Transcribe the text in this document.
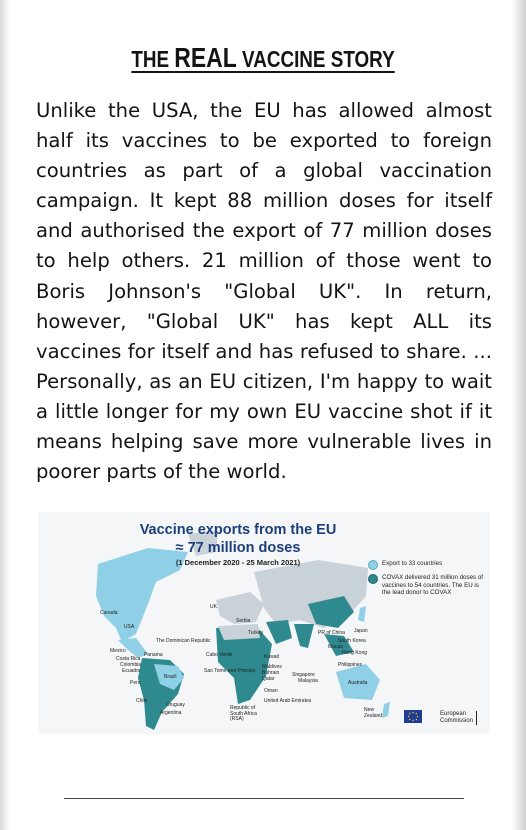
THE REAL VACCINE STORY
Unlike the USA, the EU has allowed almost half its vaccines to be exported to foreign countries as part of a global vaccination campaign. It kept 88 million doses for itself and authorised the export of 77 million doses to help others. 21 million of those went to Boris Johnson's "Global UK". In return, however, "Global UK" has kept ALL its vaccines for itself and has refused to share. ... Personally, as an EU citizen, I'm happy to wait a little longer for my own EU vaccine shot if it means helping save more vulnerable lives in poorer parts of the world.
Vaccine exports from the EU
≈ 77 million doses
(1 December 2020 - 25 March 2021)	Export to 33 countries
COVAX delivered 31 million doses of vaccines to 54 countries. The EU is the lead donor to COVAX
Canada
USA
Mexico
Costa Rica
Colombia
Ecuador
Panama
The Dominican Republic
Peru
Chile
Brazil
Uruguay
Argentina
Cabo Verde
Sao Tome and Principe
UK
Turkey
Serbia
PR of China
South Korea
Japan
Macao
Hong Kong
Philippines
Kuwait
Maldives
Bahrain
Qatar
Oman
United Arab Emirates
Singapore
Malaysia
Republic of South Africa (RSA)
Australia
New Zealand	European
Commission
